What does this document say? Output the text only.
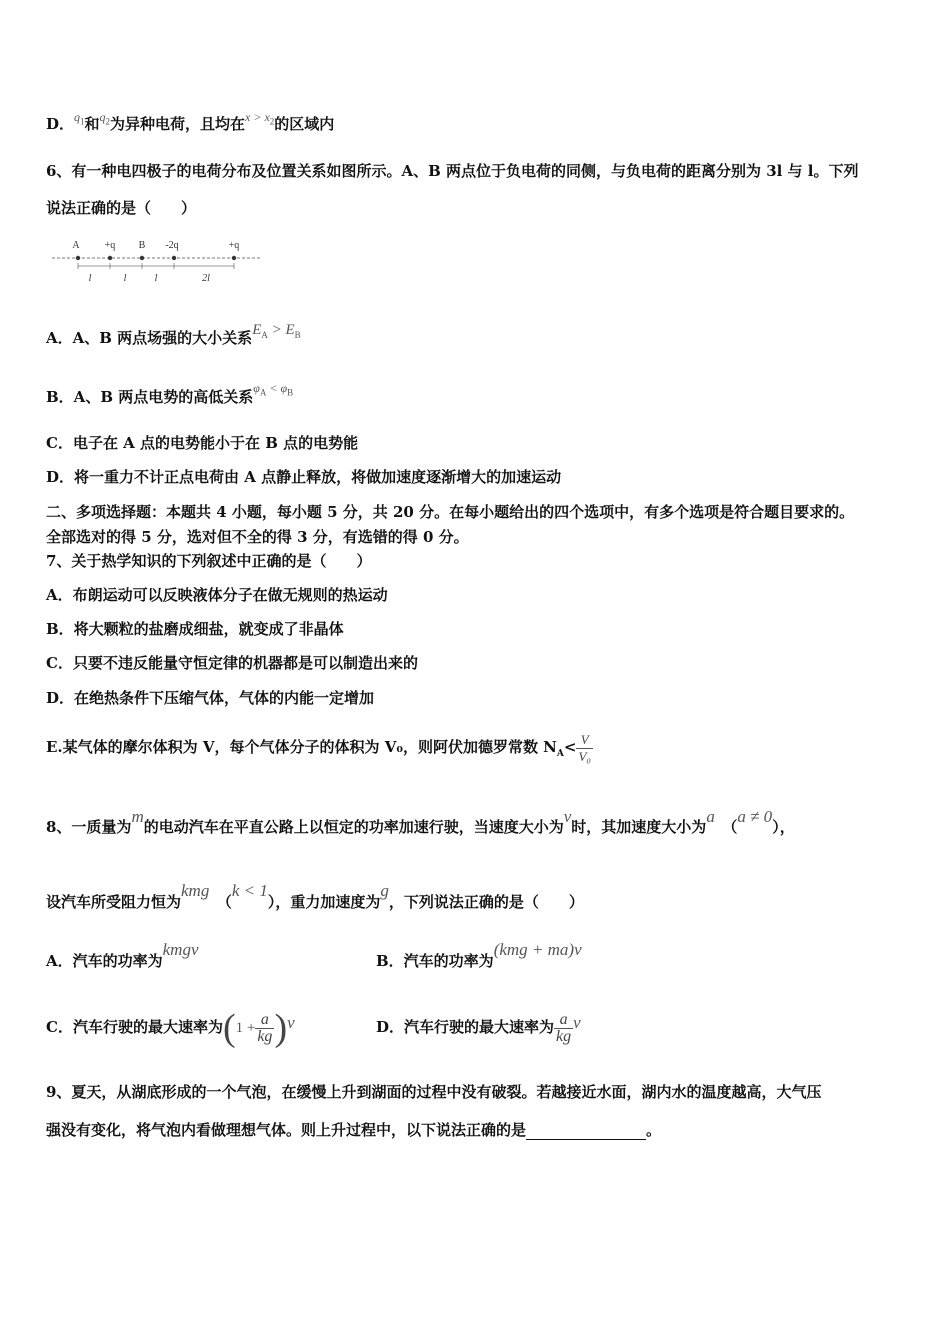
D．$^{q_1}$和$^{q_2}$为异种电荷，且均在$^{x > x_2}$的区域内
6、有一种电四极子的电荷分布及位置关系如图所示。A、B 两点位于负电荷的同侧，与负电荷的距离分别为 3l 与 l。下列
说法正确的是（　　）
A	+q B -2q	+q
l	l	l	2l
A．A、B 两点场强的大小关系$E_A > E_B$
B．A、B 两点电势的高低关系$^{\varphi_A < \varphi_B}$
C．电子在 A 点的电势能小于在 B 点的电势能
D．将一重力不计正点电荷由 A 点静止释放，将做加速度逐渐增大的加速运动
二、多项选择题：本题共 4 小题，每小题 5 分，共 20 分。在每小题给出的四个选项中，有多个选项是符合题目要求的。
全部选对的得 5 分，选对但不全的得 3 分，有选错的得 0 分。
7、关于热学知识的下列叙述中正确的是（　　）
A．布朗运动可以反映液体分子在做无规则的热运动
B．将大颗粒的盐磨成细盐，就变成了非晶体
C．只要不违反能量守恒定律的机器都是可以制造出来的
D．在绝热条件下压缩气体，气体的内能一定增加
E.某气体的摩尔体积为 V，每个气体分子的体积为 V₀，则阿伏加德罗常数 $N_A< \frac{V}{\text{V₀}}$
8、一质量为m的电动汽车在平直公路上以恒定的功率加速行驶，当速度大小为v时，其加速度大小为a　（a ≠ 0），
设汽车所受阻力恒为kmg　（k < 1），重力加速度为g，下列说法正确的是（　　）
A．汽车的功率为kmgv
B．汽车的功率为(kmg + ma)v
C．汽车行驶的最大速率为$(1 + \frac{a}{kg} )v$	D．汽车行驶的最大速率为 $\frac{a}{kg}$ v
9、夏天，从湖底形成的一个气泡，在缓慢上升到湖面的过程中没有破裂。若越接近水面，湖内水的温度越高，大气压
强没有变化，将气泡内看做理想气体。则上升过程中，以下说法正确的是	。
